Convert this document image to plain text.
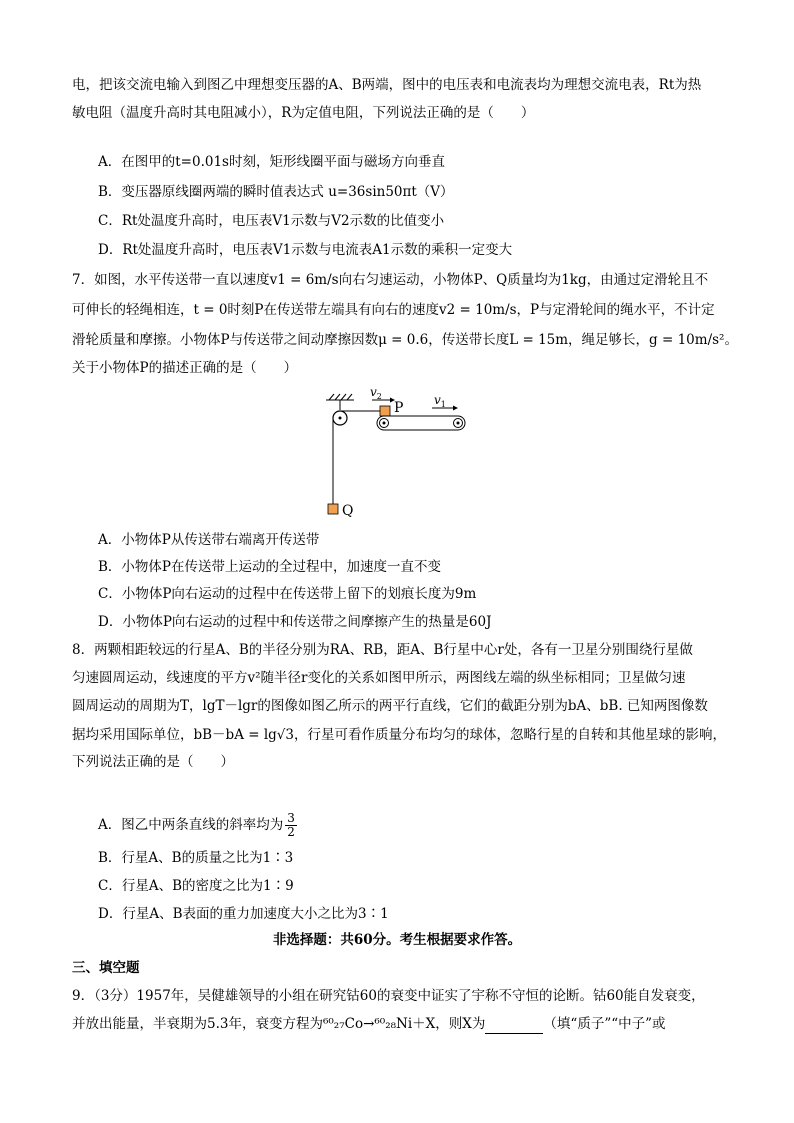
电，把该交流电输入到图乙中理想变压器的A、B两端，图中的电压表和电流表均为理想交流电表，Rt为热
敏电阻（温度升高时其电阻减小），R为定值电阻，下列说法正确的是（　　）
A．在图甲的t=0.01s时刻，矩形线圈平面与磁场方向垂直
B．变压器原线圈两端的瞬时值表达式 u=36sin50πt（V）
C．Rt处温度升高时，电压表V1示数与V2示数的比值变小
D．Rt处温度升高时，电压表V1示数与电流表A1示数的乘积一定变大
7．如图，水平传送带一直以速度v1 = 6m/s向右匀速运动，小物体P、Q质量均为1kg，由通过定滑轮且不
可伸长的轻绳相连，t = 0时刻P在传送带左端具有向右的速度v2 = 10m/s，P与定滑轮间的绳水平，不计定
滑轮质量和摩擦。小物体P与传送带之间动摩擦因数μ = 0.6，传送带长度L = 15m，绳足够长，g = 10m/s²。
关于小物体P的描述正确的是（　　）
Q
P
$v_2$	$v_1$
A．小物体P从传送带右端离开传送带
B．小物体P在传送带上运动的全过程中，加速度一直不变
C．小物体P向右运动的过程中在传送带上留下的划痕长度为9m
D．小物体P向右运动的过程中和传送带之间摩擦产生的热量是60J
8．两颗相距较远的行星A、B的半径分别为RA、RB，距A、B行星中心r处，各有一卫星分别围绕行星做
匀速圆周运动，线速度的平方v²随半径r变化的关系如图甲所示，两图线左端的纵坐标相同；卫星做匀速
圆周运动的周期为T，lgT－lgr的图像如图乙所示的两平行直线，它们的截距分别为bA、bB. 已知两图像数
据均采用国际单位，bB－bA = lg√3，行星可看作质量分布均匀的球体，忽略行星的自转和其他星球的影响，
下列说法正确的是（　　）
A．图乙中两条直线的斜率均为 $\frac{3}{2}$
B．行星A、B的质量之比为1∶3
C．行星A、B的密度之比为1∶9
D．行星A、B表面的重力加速度大小之比为3∶1
非选择题：共60分。考生根据要求作答。
三、填空题
9．（3分）1957年，吴健雄领导的小组在研究钴60的衰变中证实了宇称不守恒的论断。钴60能自发衰变，
并放出能量，半衰期为5.3年，衰变方程为⁶⁰₂₇Co→⁶⁰₂₈Ni＋X，则X为	（填“质子”“中子”或
